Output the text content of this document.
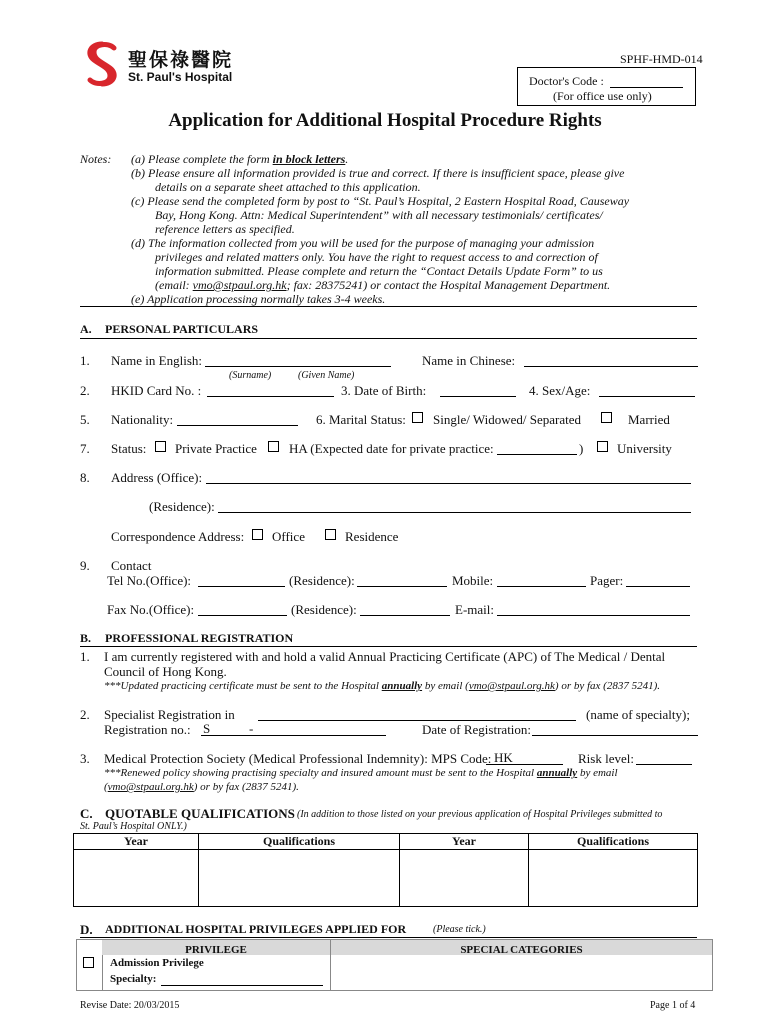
聖保祿醫院
St. Paul's Hospital
SPHF-HMD-014
Doctor's Code :
(For office use only)
Application for Additional Hospital Procedure Rights
Notes: (a) Please complete the form in block letters.
(b) Please ensure all information provided is true and correct. If there is insufficient space, please give
details on a separate sheet attached to this application.
(c) Please send the completed form by post to “St. Paul’s Hospital, 2 Eastern Hospital Road, Causeway
Bay, Hong Kong. Attn: Medical Superintendent” with all necessary testimonials/ certificates/
reference letters as specified.
(d) The information collected from you will be used for the purpose of managing your admission
privileges and related matters only. You have the right to request access to and correction of
information submitted. Please complete and return the “Contact Details Update Form” to us
(email: vmo@stpaul.org.hk; fax: 28375241) or contact the Hospital Management Department.
(e) Application processing normally takes 3-4 weeks.
A. PERSONAL PARTICULARS
1. Name in English:	Name in Chinese:
(Surname)	(Given Name)
2. HKID Card No. :	3. Date of Birth:	4. Sex/Age:
5. Nationality:	6. Marital Status: Single/ Widowed/ Separated	Married
7. Status: Private Practice HA (Expected date for private practice:	)	University
8. Address (Office):
(Residence):
Correspondence Address: Office	Residence
9. Contact
Tel No.(Office):	(Residence):	Mobile:	Pager:
Fax No.(Office):	(Residence):	E-mail:
B. PROFESSIONAL REGISTRATION
1. I am currently registered with and hold a valid Annual Practicing Certificate (APC) of The Medical / Dental
Council of Hong Kong.
***Updated practicing certificate must be sent to the Hospital annually by email (vmo@stpaul.org.hk) or by fax (2837 5241).
2. Specialist Registration in	(name of specialty);
Registration no.: S	-	Date of Registration:
3. Medical Protection Society (Medical Professional Indemnity): MPS Code: HK	Risk level:
***Renewed policy showing practising specialty and insured amount must be sent to the Hospital annually by email
(vmo@stpaul.org.hk) or by fax (2837 5241).
C. QUOTABLE QUALIFICATIONS (In addition to those listed on your previous application of Hospital Privileges submitted to
St. Paul’s Hospital ONLY.)
Year	Qualifications	Year	Qualifications

D. ADDITIONAL HOSPITAL PRIVILEGES APPLIED FOR	(Please tick.)
PRIVILEGE	SPECIAL CATEGORIES
Admission Privilege
Specialty:
Revise Date: 20/03/2015	Page 1 of 4
